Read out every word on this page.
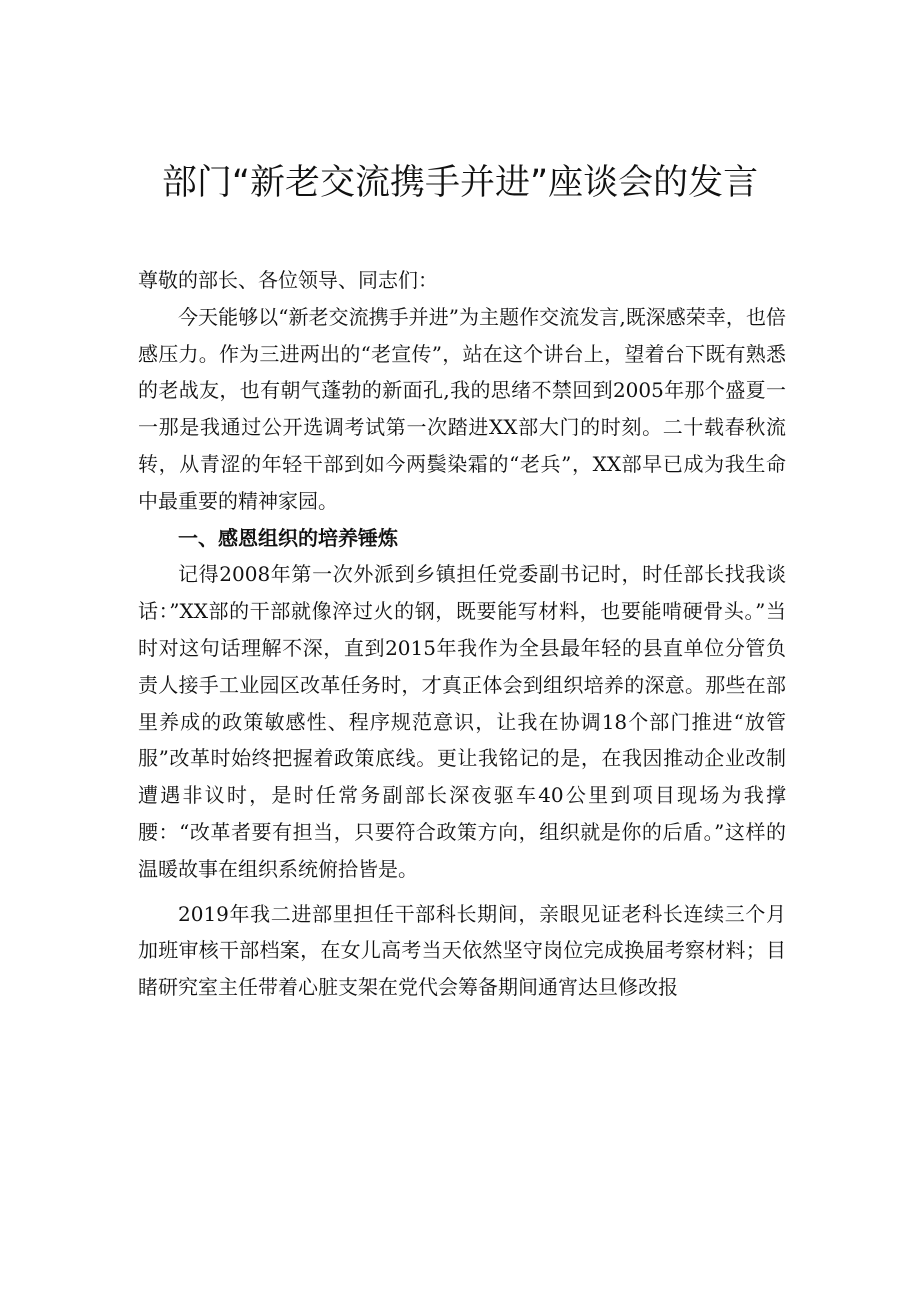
部门“新老交流携手并进”座谈会的发言

尊敬的部长、各位领导、同志们：

今天能够以“新老交流携手并进”为主题作交流发言,既深感荣幸，也倍感压力。作为三进两出的“老宣传”，站在这个讲台上，望着台下既有熟悉的老战友，也有朝气蓬勃的新面孔,我的思绪不禁回到2005年那个盛夏一一那是我通过公开选调考试第一次踏进XX部大门的时刻。二十载春秋流转，从青涩的年轻干部到如今两鬓染霜的“老兵”，XX部早已成为我生命中最重要的精神家园。

一、感恩组织的培养锤炼

记得2008年第一次外派到乡镇担任党委副书记时，时任部长找我谈话：”XX部的干部就像淬过火的钢，既要能写材料，也要能啃硬骨头。”当时对这句话理解不深，直到2015年我作为全县最年轻的县直单位分管负责人接手工业园区改革任务时，才真正体会到组织培养的深意。那些在部里养成的政策敏感性、程序规范意识，让我在协调18个部门推进“放管服”改革时始终把握着政策底线。更让我铭记的是，在我因推动企业改制遭遇非议时，是时任常务副部长深夜驱车40公里到项目现场为我撑腰：“改革者要有担当，只要符合政策方向，组织就是你的后盾。”这样的温暖故事在组织系统俯拾皆是。

2019年我二进部里担任干部科长期间，亲眼见证老科长连续三个月加班审核干部档案，在女儿高考当天依然坚守岗位完成换届考察材料；目睹研究室主任带着心脏支架在党代会筹备期间通宵达旦修改报
